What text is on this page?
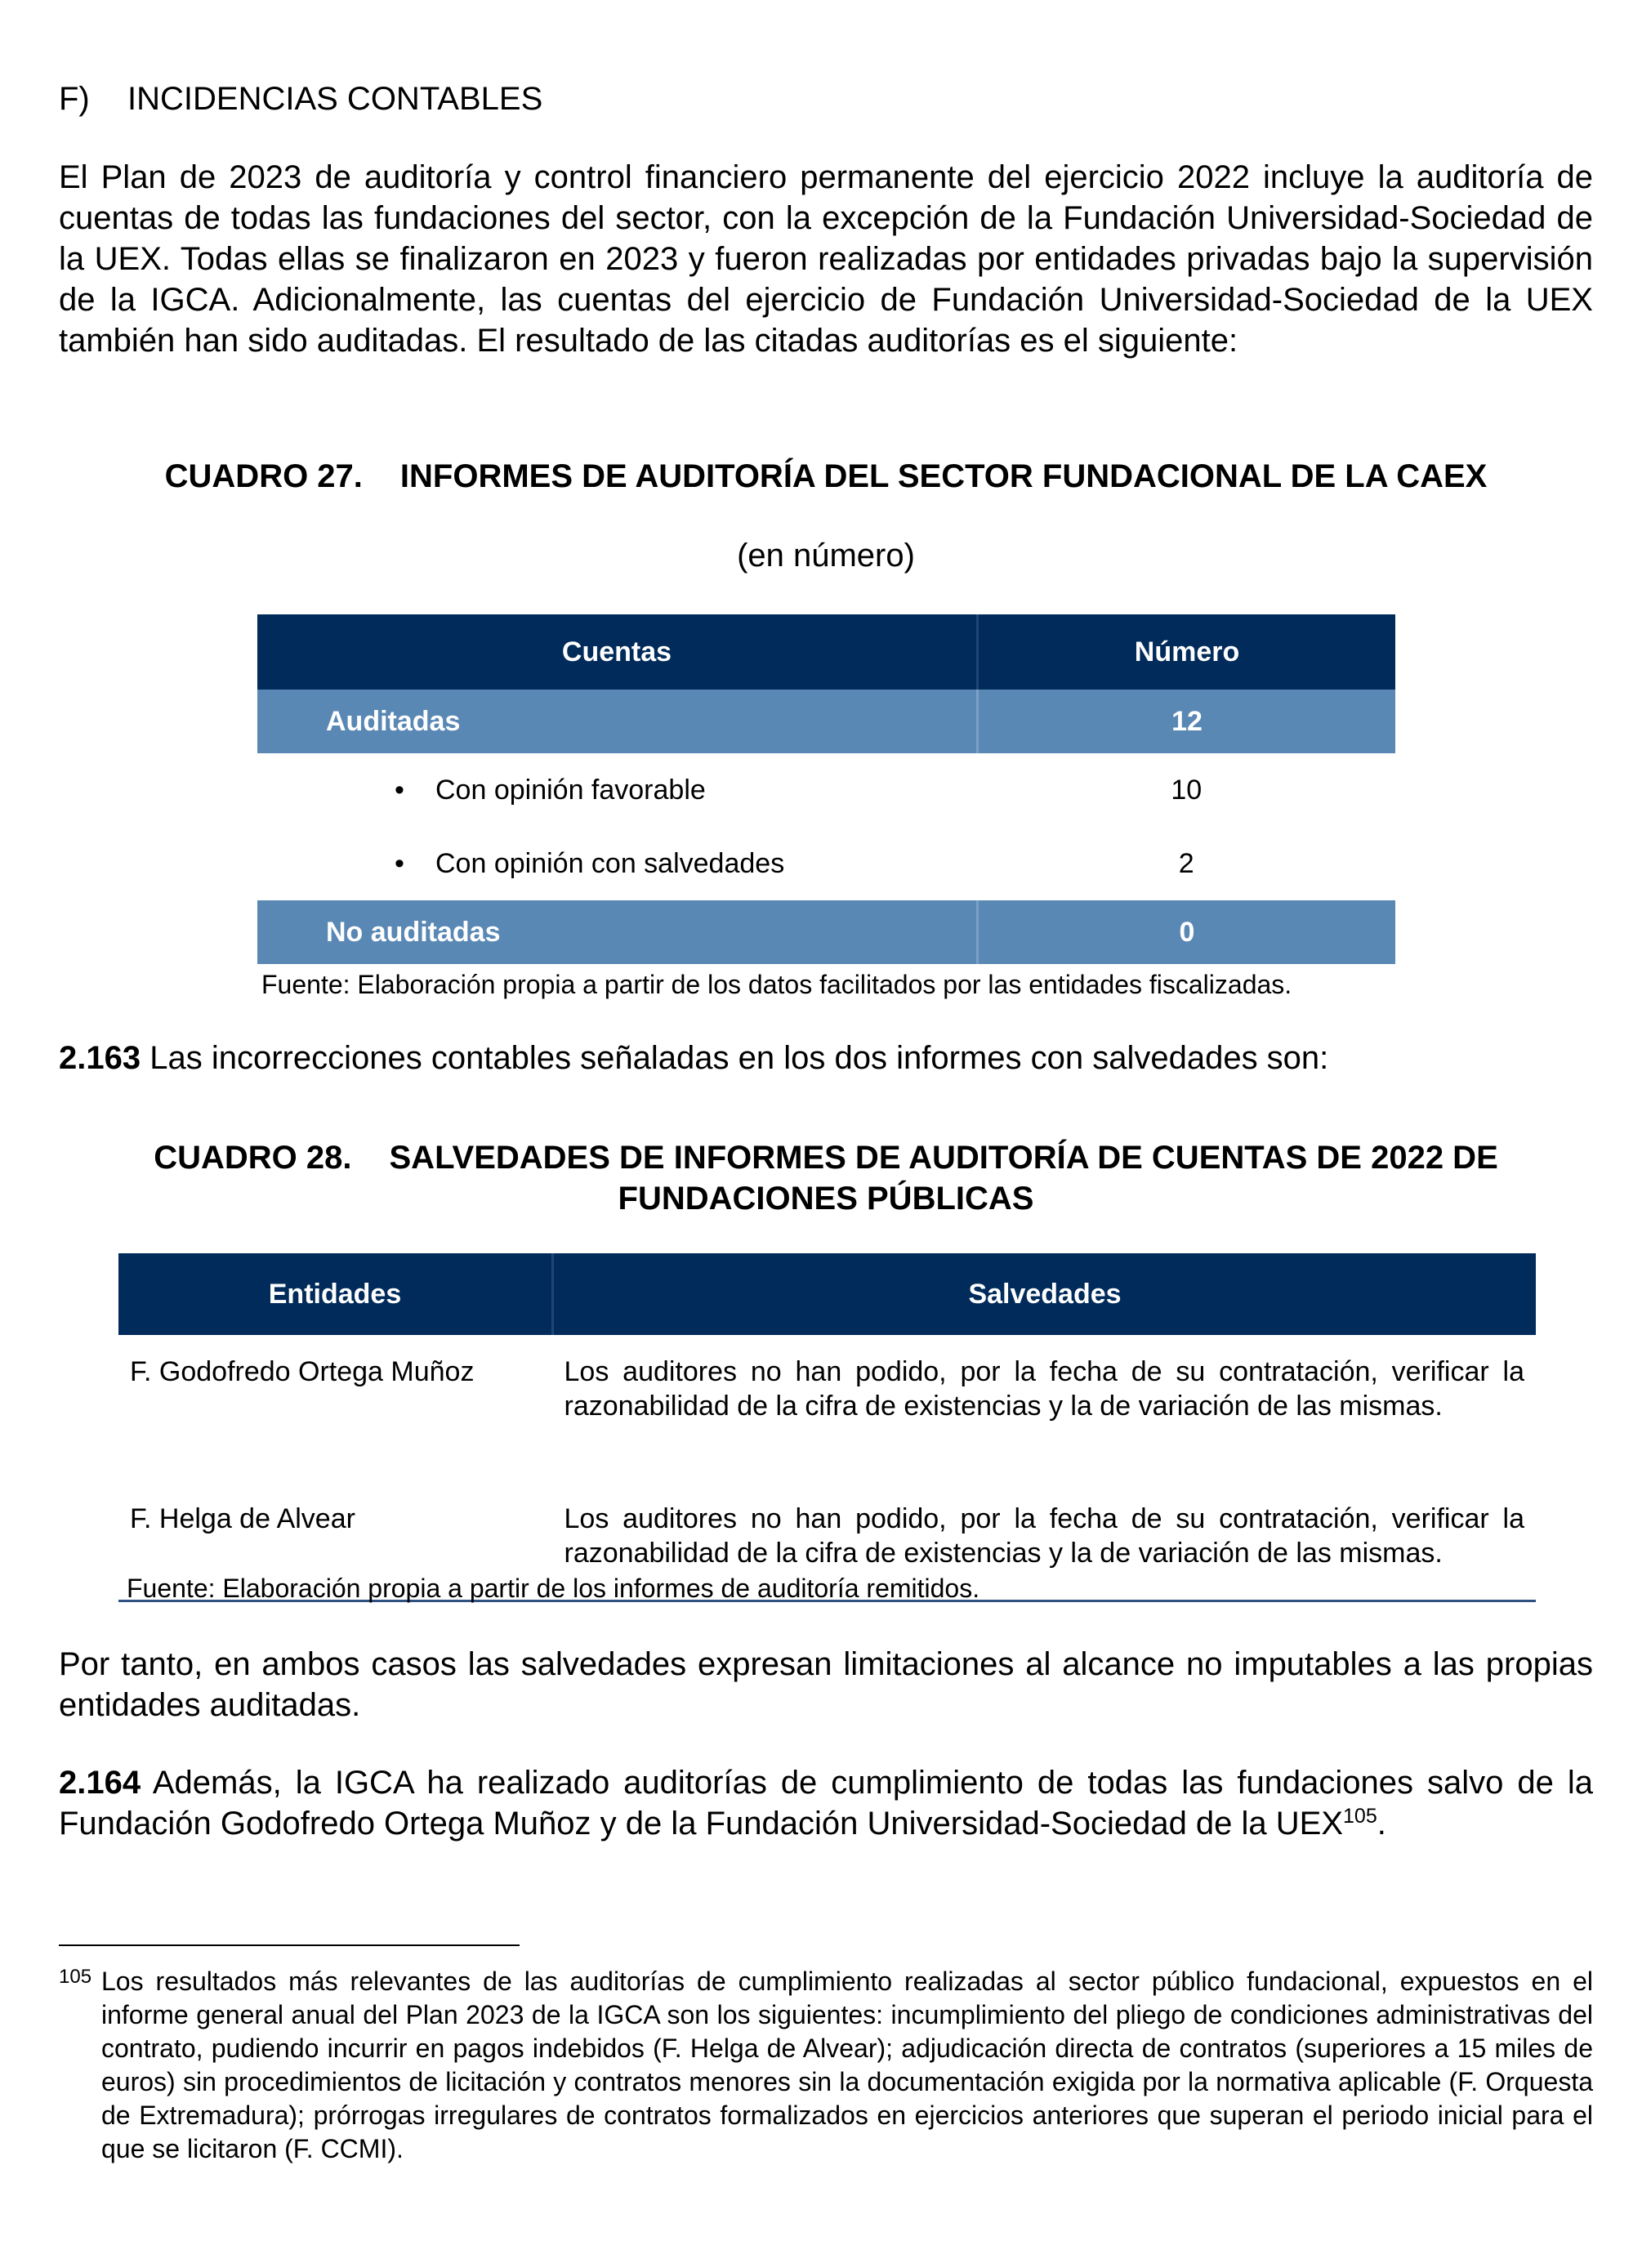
F) INCIDENCIAS CONTABLES

El Plan de 2023 de auditoría y control financiero permanente del ejercicio 2022 incluye la auditoría de cuentas de todas las fundaciones del sector, con la excepción de la Fundación Universidad-Sociedad de la UEX. Todas ellas se finalizaron en 2023 y fueron realizadas por entidades privadas bajo la supervisión de la IGCA. Adicionalmente, las cuentas del ejercicio de Fundación Universidad-Sociedad de la UEX también han sido auditadas. El resultado de las citadas auditorías es el siguiente:

CUADRO 27. INFORMES DE AUDITORÍA DEL SECTOR FUNDACIONAL DE LA CAEX
(en número)
Cuentas	Número
Auditadas	12
• Con opinión favorable	10
• Con opinión con salvedades	2
No auditadas	0
Fuente: Elaboración propia a partir de los datos facilitados por las entidades fiscalizadas.
2.163 Las incorrecciones contables señaladas en los dos informes con salvedades son:
CUADRO 28. SALVEDADES DE INFORMES DE AUDITORÍA DE CUENTAS DE 2022 DE
FUNDACIONES PÚBLICAS
Entidades	Salvedades
F. Godofredo Ortega Muñoz	Los auditores no han podido, por la fecha de su contratación, verificar la razonabilidad de la cifra de existencias y la de variación de las mismas.
F. Helga de Alvear	Los auditores no han podido, por la fecha de su contratación, verificar la razonabilidad de la cifra de existencias y la de variación de las mismas.
Fuente: Elaboración propia a partir de los informes de auditoría remitidos.

Por tanto, en ambos casos las salvedades expresan limitaciones al alcance no imputables a las propias entidades auditadas.

2.164 Además, la IGCA ha realizado auditorías de cumplimiento de todas las fundaciones salvo de la Fundación Godofredo Ortega Muñoz y de la Fundación Universidad-Sociedad de la UEX$^{105}$.

105 Los resultados más relevantes de las auditorías de cumplimiento realizadas al sector público fundacional, expuestos en el informe general anual del Plan 2023 de la IGCA son los siguientes: incumplimiento del pliego de condiciones administrativas del contrato, pudiendo incurrir en pagos indebidos (F. Helga de Alvear); adjudicación directa de contratos (superiores a 15 miles de euros) sin procedimientos de licitación y contratos menores sin la documentación exigida por la normativa aplicable (F. Orquesta de Extremadura); prórrogas irregulares de contratos formalizados en ejercicios anteriores que superan el periodo inicial para el que se licitaron (F. CCMI).
